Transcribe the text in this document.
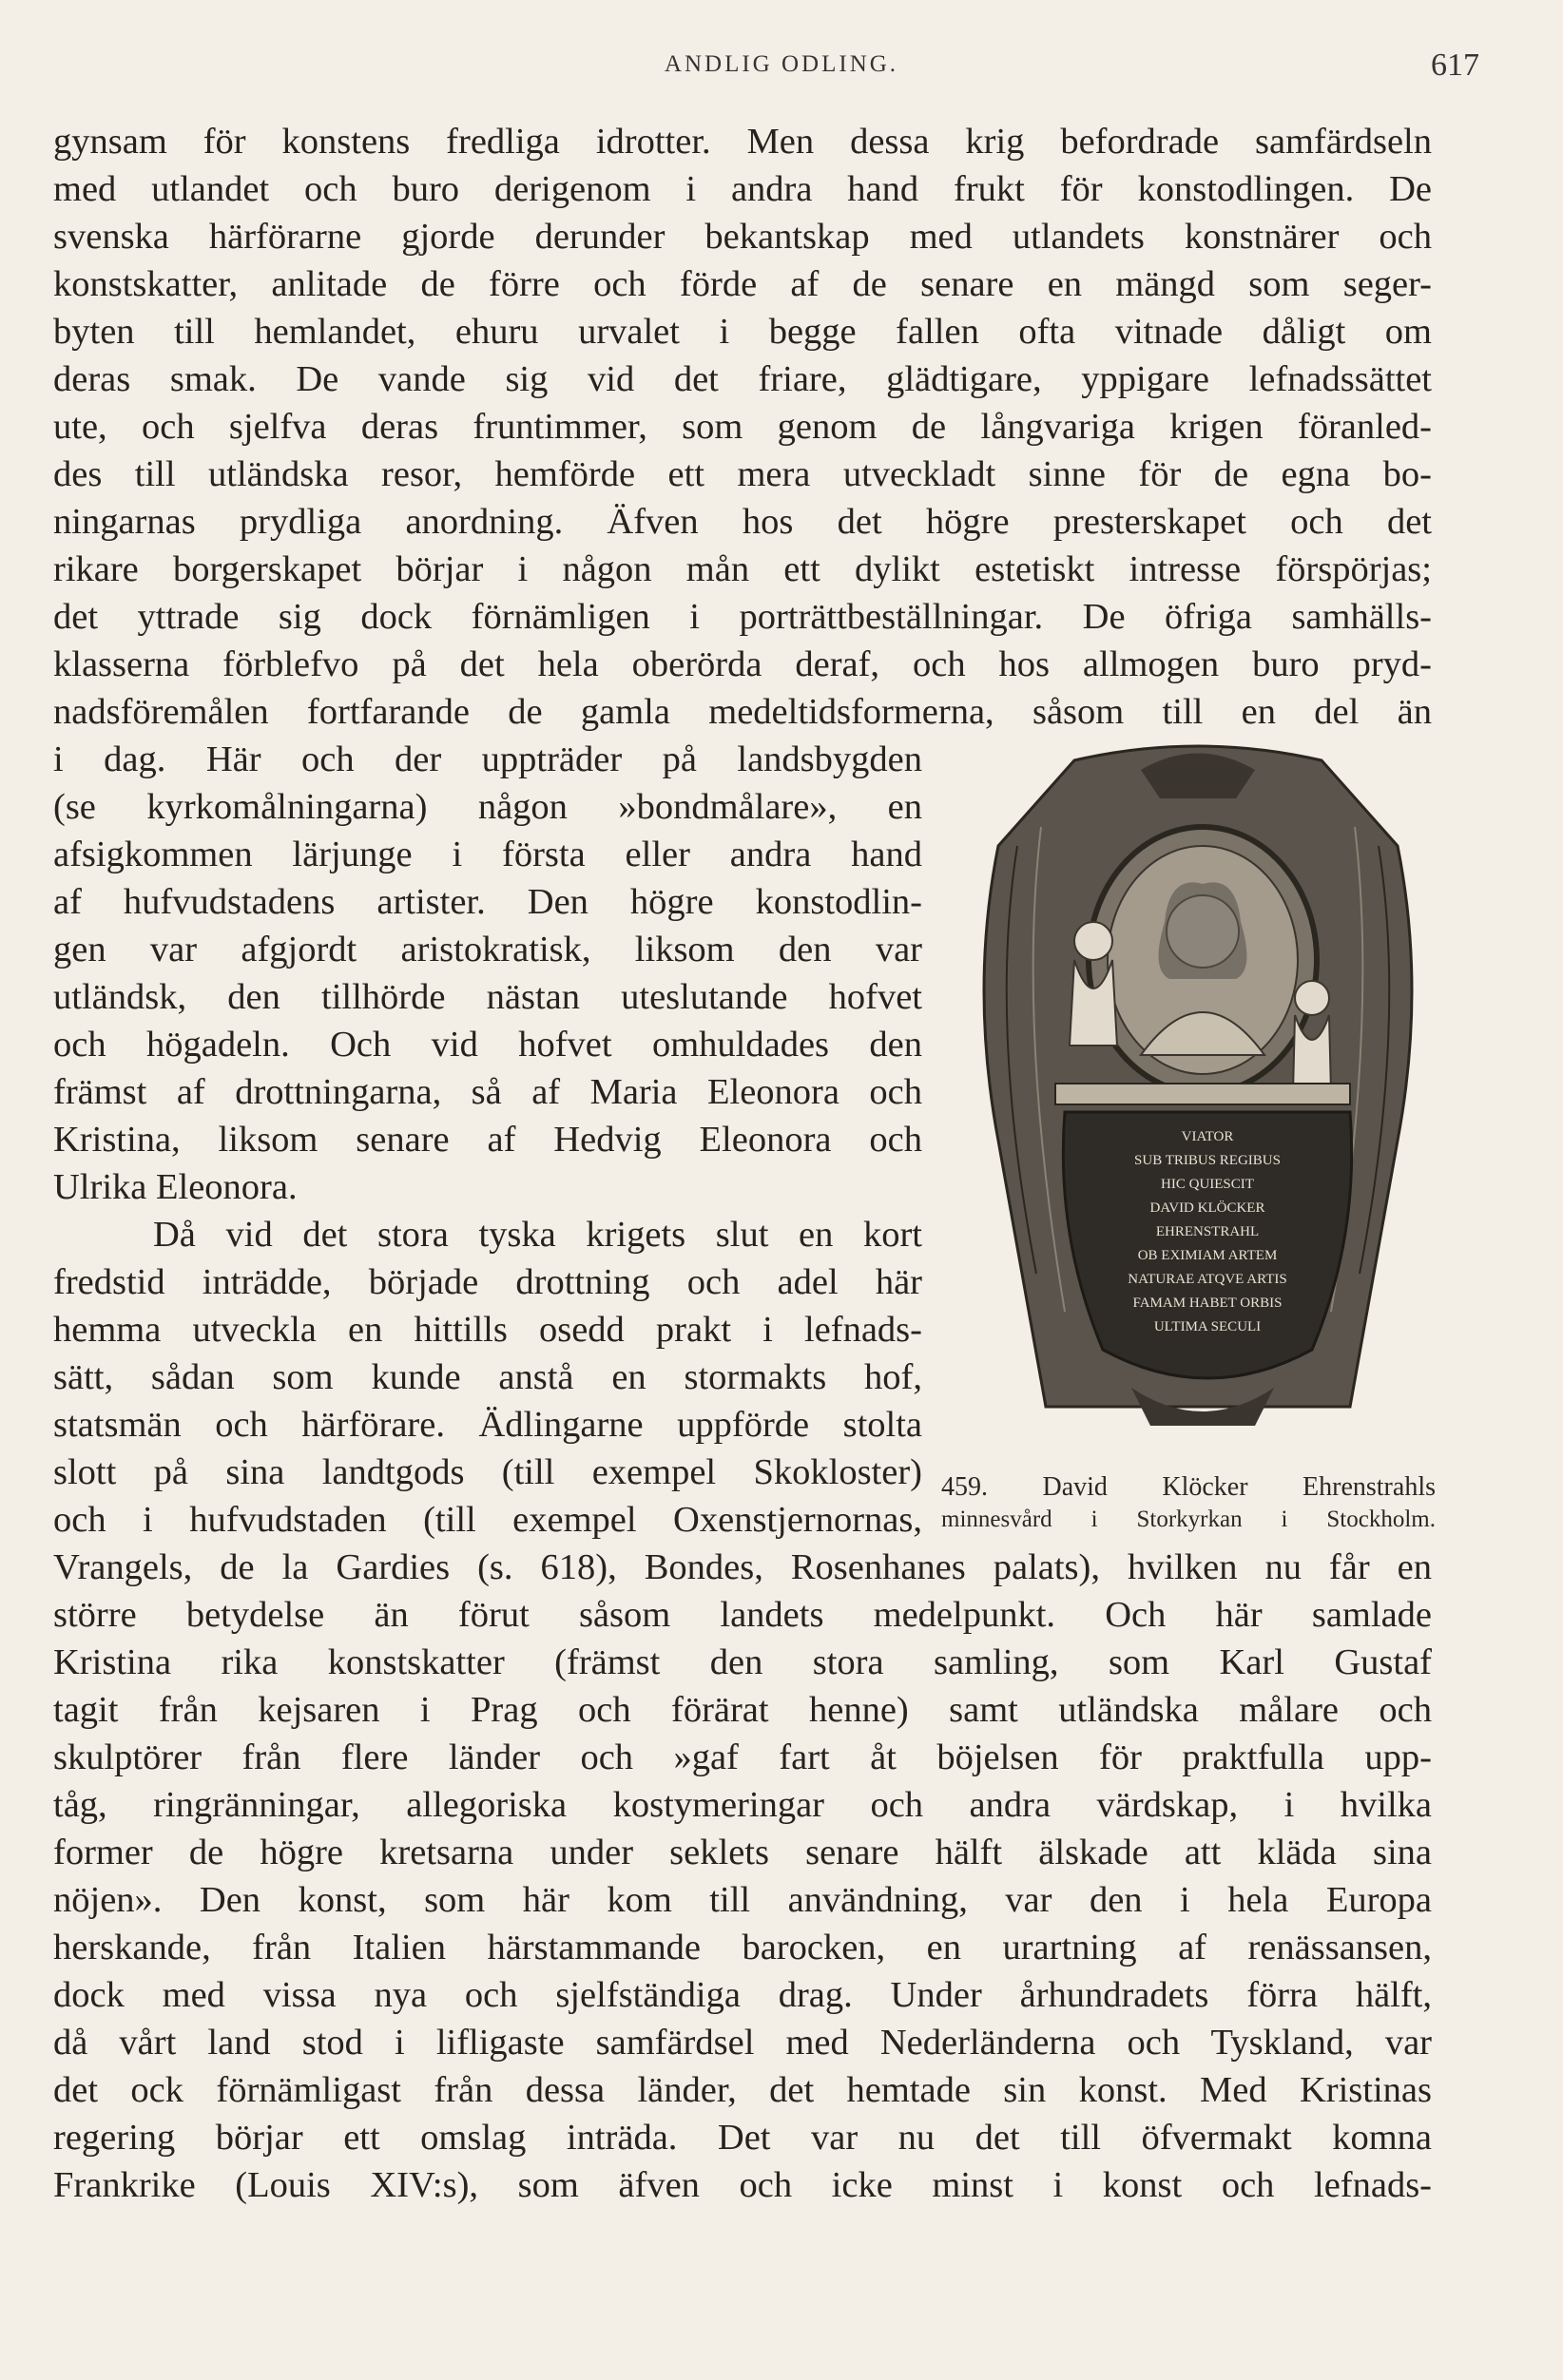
ANDLIG ODLING.	617
gynsam för konstens fredliga idrotter. Men dessa krig befordrade samfärdseln
med utlandet och buro derigenom i andra hand frukt för konstodlingen. De
svenska härförarne gjorde derunder bekantskap med utlandets konstnärer och
konstskatter, anlitade de förre och förde af de senare en mängd som seger-
byten till hemlandet, ehuru urvalet i begge fallen ofta vitnade dåligt om
deras smak. De vande sig vid det friare, glädtigare, yppigare lefnadssättet
ute, och sjelfva deras fruntimmer, som genom de långvariga krigen föranled-
des till utländska resor, hemförde ett mera utveckladt sinne för de egna bo-
ningarnas prydliga anordning. Äfven hos det högre presterskapet och det
rikare borgerskapet börjar i någon mån ett dylikt estetiskt intresse förspörjas;
det yttrade sig dock förnämligen i porträttbeställningar. De öfriga samhälls-
klasserna förblefvo på det hela oberörda deraf, och hos allmogen buro pryd-
nadsföremålen fortfarande de gamla medeltidsformerna, såsom till en del än
i dag. Här och der uppträder på landsbygden
(se kyrkomålningarna) någon »bondmålare», en
afsigkommen lärjunge i första eller andra hand
af hufvudstadens artister. Den högre konstodlin-
gen var afgjordt aristokratisk, liksom den var
utländsk, den tillhörde nästan uteslutande hofvet
och högadeln. Och vid hofvet omhuldades den
främst af drottningarna, så af Maria Eleonora och
Kristina, liksom senare af Hedvig Eleonora och
Ulrika Eleonora.
Då vid det stora tyska krigets slut en kort
fredstid inträdde, började drottning och adel här
hemma utveckla en hittills osedd prakt i lefnads-
sätt, sådan som kunde anstå en stormakts hof,
statsmän och härförare. Ädlingarne uppförde stolta
slott på sina landtgods (till exempel Skokloster)
och i hufvudstaden (till exempel Oxenstjernornas,
Vrangels, de la Gardies (s. 618), Bondes, Rosenhanes palats), hvilken nu får en
större betydelse än förut såsom landets medelpunkt. Och här samlade
Kristina rika konstskatter (främst den stora samling, som Karl Gustaf
tagit från kejsaren i Prag och förärat henne) samt utländska målare och
skulptörer från flere länder och »gaf fart åt böjelsen för praktfulla upp-
tåg, ringränningar, allegoriska kostymeringar och andra värdskap, i hvilka
former de högre kretsarna under seklets senare hälft älskade att kläda sina
nöjen». Den konst, som här kom till användning, var den i hela Europa
herskande, från Italien härstammande barocken, en urartning af renässansen,
dock med vissa nya och sjelfständiga drag. Under århundradets förra hälft,
då vårt land stod i lifligaste samfärdsel med Nederländerna och Tyskland, var
det ock förnämligast från dessa länder, det hemtade sin konst. Med Kristinas
regering börjar ett omslag inträda. Det var nu det till öfvermakt komna
Frankrike (Louis XIV:s), som äfven och icke minst i konst och lefnads-
VIATOR
SUB TRIBUS REGIBUS
HIC QUIESCIT
DAVID KLÖCKER
EHRENSTRAHL
OB EXIMIAM ARTEM
NATURAE ATQVE ARTIS
FAMAM HABET ORBIS
ULTIMA SECULI
459. David Klöcker Ehrenstrahls
minnesvård i Storkyrkan i Stockholm.
